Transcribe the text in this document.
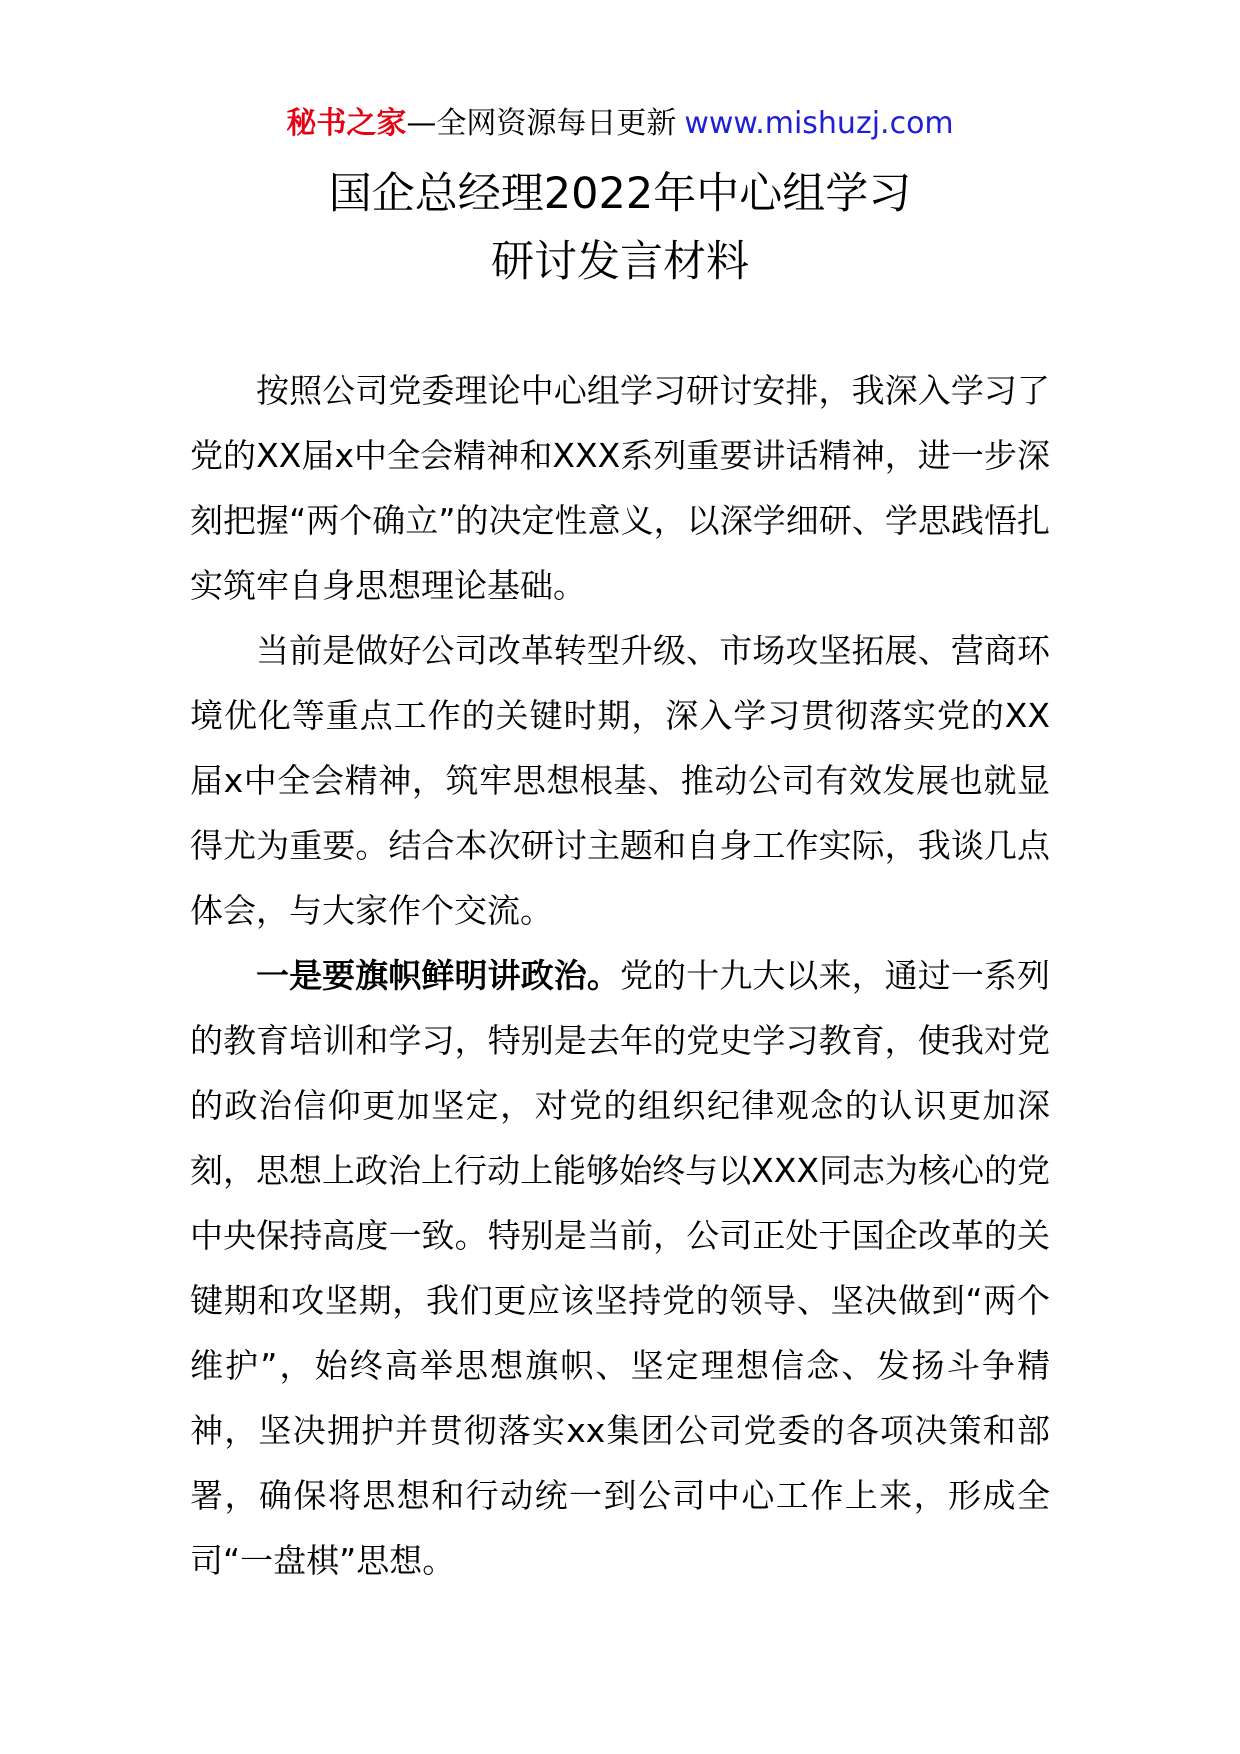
秘书之家—全网资源每日更新 www.mishuzj.com
国企总经理2022年中心组学习
研讨发言材料

按照公司党委理论中心组学习研讨安排，我深入学习了党的XX届x中全会精神和XXX系列重要讲话精神，进一步深刻把握“两个确立”的决定性意义，以深学细研、学思践悟扎实筑牢自身思想理论基础。

当前是做好公司改革转型升级、市场攻坚拓展、营商环境优化等重点工作的关键时期，深入学习贯彻落实党的XX届x中全会精神，筑牢思想根基、推动公司有效发展也就显得尤为重要。结合本次研讨主题和自身工作实际，我谈几点体会，与大家作个交流。

一是要旗帜鲜明讲政治。党的十九大以来，通过一系列的教育培训和学习，特别是去年的党史学习教育，使我对党的政治信仰更加坚定，对党的组织纪律观念的认识更加深刻，思想上政治上行动上能够始终与以XXX同志为核心的党中央保持高度一致。特别是当前，公司正处于国企改革的关键期和攻坚期，我们更应该坚持党的领导、坚决做到“两个维护”，始终高举思想旗帜、坚定理想信念、发扬斗争精神，坚决拥护并贯彻落实xx集团公司党委的各项决策和部署，确保将思想和行动统一到公司中心工作上来，形成全司“一盘棋”思想。
